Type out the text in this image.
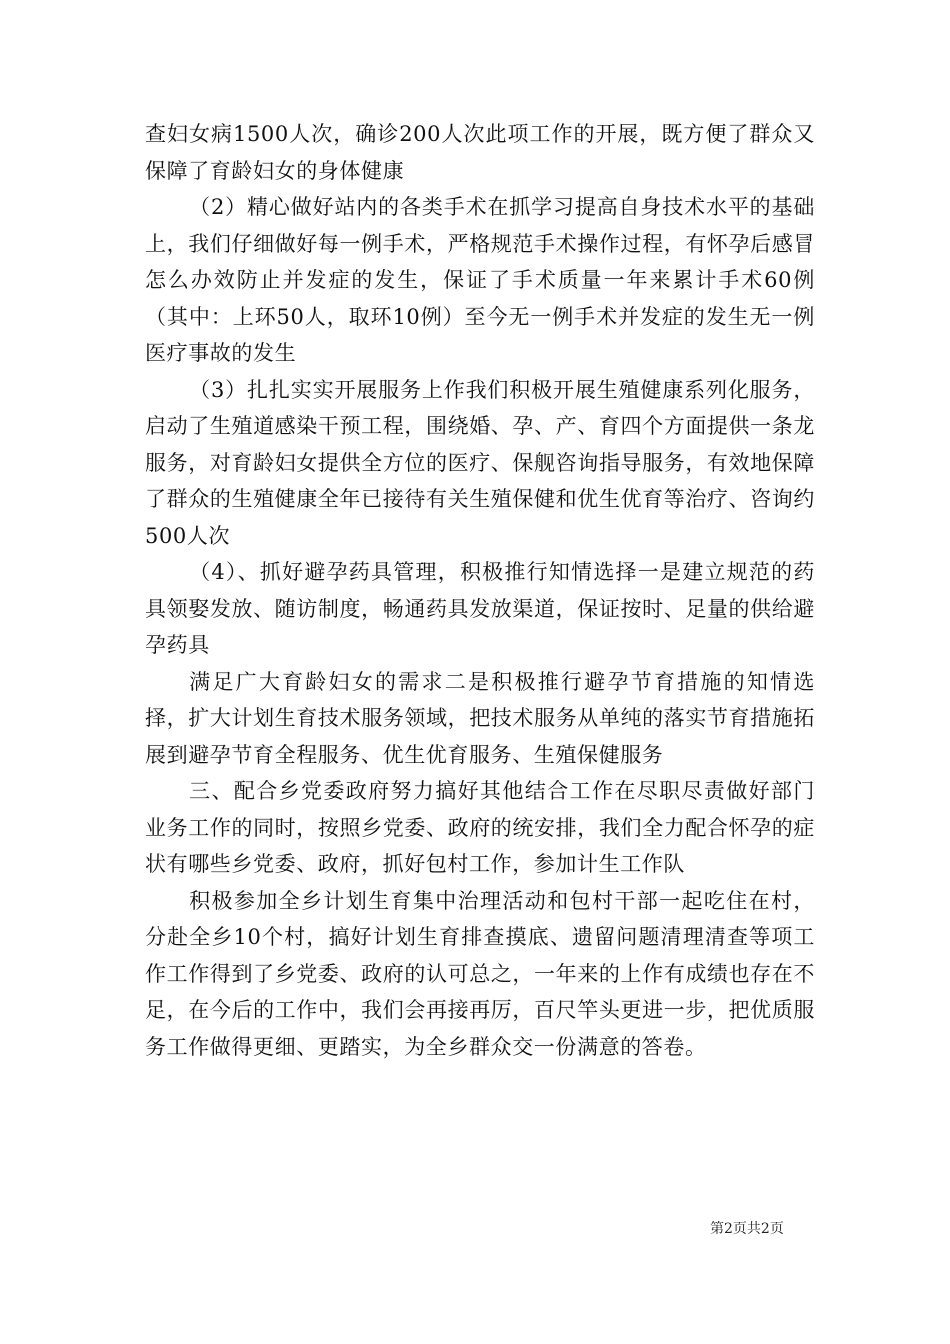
查妇女病1500人次，确诊200人次此项工作的开展，既方便了群众又保障了育龄妇女的身体健康

（2）精心做好站内的各类手术在抓学习提高自身技术水平的基础上，我们仔细做好每一例手术，严格规范手术操作过程，有怀孕后感冒怎么办效防止并发症的发生，保证了手术质量一年来累计手术60例（其中：上环50人，取环10例）至今无一例手术并发症的发生无一例医疗事故的发生

（3）扎扎实实开展服务上作我们积极开展生殖健康系列化服务，启动了生殖道感染干预工程，围绕婚、孕、产、育四个方面提供一条龙服务，对育龄妇女提供全方位的医疗、保舰咨询指导服务，有效地保障了群众的生殖健康全年已接待有关生殖保健和优生优育等治疗、咨询约500人次

（4）、抓好避孕药具管理，积极推行知情选择一是建立规范的药具领娶发放、随访制度，畅通药具发放渠道，保证按时、足量的供给避孕药具

满足广大育龄妇女的需求二是积极推行避孕节育措施的知情选择，扩大计划生育技术服务领域，把技术服务从单纯的落实节育措施拓展到避孕节育全程服务、优生优育服务、生殖保健服务

三、配合乡党委政府努力搞好其他结合工作在尽职尽责做好部门业务工作的同时，按照乡党委、政府的统安排，我们全力配合怀孕的症状有哪些乡党委、政府，抓好包村工作，参加计生工作队

积极参加全乡计划生育集中治理活动和包村干部一起吃住在村，分赴全乡10个村，搞好计划生育排查摸底、遗留问题清理清查等项工作工作得到了乡党委、政府的认可总之，一年来的上作有成绩也存在不足，在今后的工作中，我们会再接再厉，百尺竿头更进一步，把优质服务工作做得更细、更踏实，为全乡群众交一份满意的答卷。

第2页共2页
